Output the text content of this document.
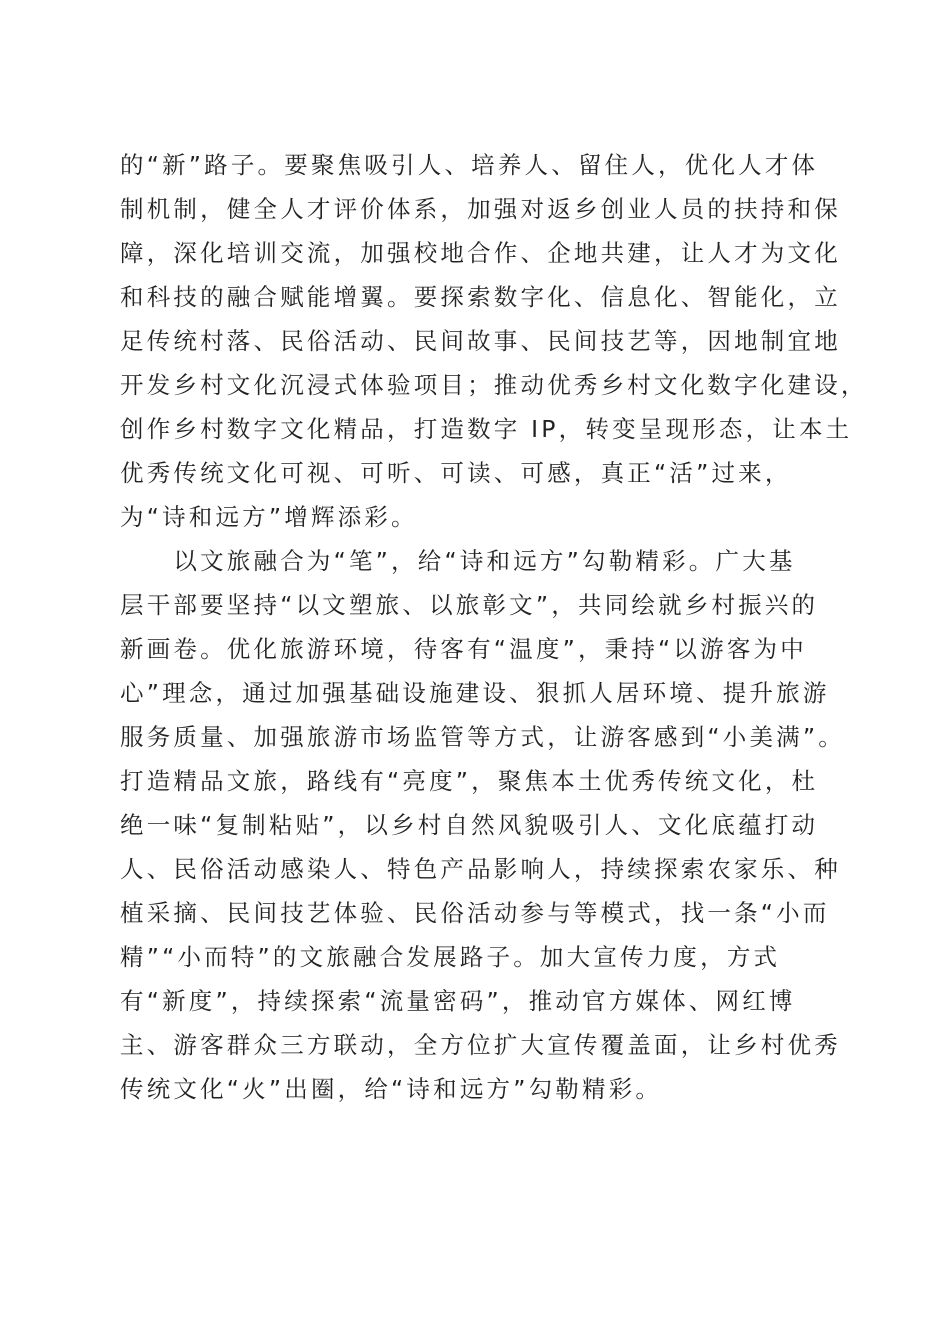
的“新”路子。要聚焦吸引人、培养人、留住人，优化人才体
制机制，健全人才评价体系，加强对返乡创业人员的扶持和保
障，深化培训交流，加强校地合作、企地共建，让人才为文化
和科技的融合赋能增翼。要探索数字化、信息化、智能化，立
足传统村落、民俗活动、民间故事、民间技艺等，因地制宜地
开发乡村文化沉浸式体验项目；推动优秀乡村文化数字化建设，
创作乡村数字文化精品，打造数字 IP，转变呈现形态，让本土
优秀传统文化可视、可听、可读、可感，真正“活”过来，
为“诗和远方”增辉添彩。
　　以文旅融合为“笔”，给“诗和远方”勾勒精彩。广大基
层干部要坚持“以文塑旅、以旅彰文”，共同绘就乡村振兴的
新画卷。优化旅游环境，待客有“温度”，秉持“以游客为中
心”理念，通过加强基础设施建设、狠抓人居环境、提升旅游
服务质量、加强旅游市场监管等方式，让游客感到“小美满”。
打造精品文旅，路线有“亮度”，聚焦本土优秀传统文化，杜
绝一味“复制粘贴”，以乡村自然风貌吸引人、文化底蕴打动
人、民俗活动感染人、特色产品影响人，持续探索农家乐、种
植采摘、民间技艺体验、民俗活动参与等模式，找一条“小而
精”“小而特”的文旅融合发展路子。加大宣传力度，方式
有“新度”，持续探索“流量密码”，推动官方媒体、网红博
主、游客群众三方联动，全方位扩大宣传覆盖面，让乡村优秀
传统文化“火”出圈，给“诗和远方”勾勒精彩。
